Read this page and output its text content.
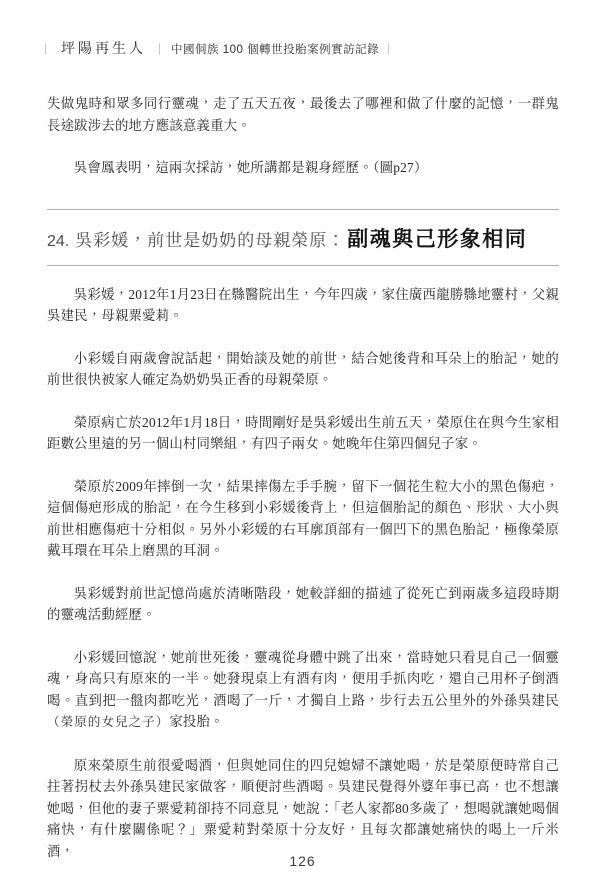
｜ 坪陽再生人 ｜ 中國侗族 100 個轉世投胎案例實訪記錄 ｜

失做鬼時和眾多同行靈魂，走了五天五夜，最後去了哪裡和做了什麼的記憶，一群鬼長途跋涉去的地方應該意義重大。

吳會鳳表明，這兩次採訪，她所講都是親身經歷。（圖p27）

24. 吳彩媛，前世是奶奶的母親榮原： 副魂與己形象相同

吳彩媛，2012年1月23日在縣醫院出生，今年四歲，家住廣西龍勝縣地靈村，父親吳建民，母親粟愛莉。

小彩媛自兩歲會說話起，開始談及她的前世，結合她後背和耳朵上的胎記，她的前世很快被家人確定為奶奶吳正香的母親榮原。

榮原病亡於2012年1月18日，時間剛好是吳彩媛出生前五天，榮原住在與今生家相距數公里遠的另一個山村同樂組，有四子兩女。她晚年住第四個兒子家。

榮原於2009年摔倒一次，結果摔傷左手手腕，留下一個花生粒大小的黑色傷疤，這個傷疤形成的胎記，在今生移到小彩媛後背上，但這個胎記的顏色、形狀、大小與前世相應傷疤十分相似。另外小彩媛的右耳廓頂部有一個凹下的黑色胎記，極像榮原戴耳環在耳朵上磨黑的耳洞。

吳彩媛對前世記憶尚處於清晰階段，她較詳細的描述了從死亡到兩歲多這段時期的靈魂活動經歷。

小彩媛回憶說，她前世死後，靈魂從身體中跳了出來，當時她只看見自己一個靈魂，身高只有原來的一半。她發現桌上有酒有肉，便用手抓肉吃，還自己用杯子倒酒喝。直到把一盤肉都吃光，酒喝了一斤，才獨自上路，步行去五公里外的外孫吳建民（榮原的女兒之子）家投胎。

原來榮原生前很愛喝酒，但與她同住的四兒媳婦不讓她喝，於是榮原便時常自己拄著拐杖去外孫吳建民家做客，順便討些酒喝。吳建民覺得外婆年事已高，也不想讓她喝，但他的妻子粟愛莉卻持不同意見，她說：「老人家都80多歲了，想喝就讓她喝個痛快，有什麼關係呢？」粟愛莉對榮原十分友好，且每次都讓她痛快的喝上一斤米酒，

126
